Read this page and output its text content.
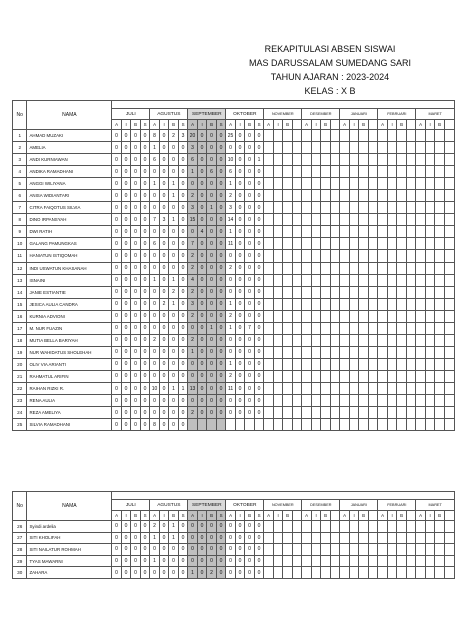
REKAPITULASI ABSEN SISWAI
MAS DARUSSALAM SUMEDANG SARI
TAHUN AJARAN : 2023-2024
KELAS : X B
No	NAMA																																				
		JULI				AGUSTUS				SEPTEMBER				OKTOBER				NOVEMBER				DESEMBER				JANUARI				FEBRUARI				MARET			
		A	I	B	S	A	I	B	S	A	I	B	S	A	I	B	S	A	I	B		A	I	B		A	I	B		A	I	B		A	I	B	
1	AHMAD MUZAKI	0	0	0	0	8	0	2	3	20	0	0	0	25	0	0	0																				
2	AMELIA	0	0	0	0	1	0	0	0	3	0	0	0	0	0	0	0																				
3	ANDI KURNIAWAN	0	0	0	0	6	0	0	0	6	0	0	0	10	0	0	1																				
4	ANDIKA RAMADHANI	0	0	0	0	0	0	0	0	1	0	6	0	6	0	0	0																				
5	ANGGI WILIYANA	0	0	0	0	1	0	1	0	0	0	0	0	1	0	0	0																				
6	ANISA WIDIANTARI	0	0	0	0	0	0	1	0	2	0	0	0	2	0	0	0																				
7	CITRA FAIQOTUS SILVIA	0	0	0	0	0	0	0	0	3	0	1	0	3	0	0	0																				
8	DINO IRPANSYAH	0	0	0	0	7	3	1	0	15	0	0	0	14	0	0	0																				
9	DWI RATIH	0	0	0	0	0	0	0	0	0	4	0	0	1	0	0	0																				
10	GALANG PAMUNGKAS	0	0	0	0	6	0	0	0	7	0	0	0	11	0	0	0																				
11	HANIATUN ISTIQOMAH	0	0	0	0	0	0	0	0	2	0	0	0	0	0	0	0																				
12	INDI USWATUN KHASANAH	0	0	0	0	0	0	0	0	2	0	0	0	2	0	0	0																				
13	ISNAINI	0	0	0	0	1	0	1	0	4	0	0	0	0	0	0	0																				
14	JANIE ESTIANTIE	0	0	0	0	0	0	2	0	2	0	0	0	0	0	0	0																				
15	JESICA AULIA CANDRA	0	0	0	0	0	2	1	0	3	0	0	0	1	0	0	0																				
16	KURNIA ADVIONI	0	0	0	0	0	0	0	0	2	0	0	0	2	0	0	0																				
17	M. NUR FUAZIN	0	0	0	0	0	0	0	0	0	0	1	0	1	0	7	0																				
18	MUTIA BELLA BARIYAH	0	0	0	0	2	0	0	0	2	0	0	0	0	0	0	0																				
19	NUR WAHIDATUS SHOLEHAH	0	0	0	0	0	0	0	0	1	0	0	0	0	0	0	0																				
20	OLIV VIA ARIANTI	0	0	0	0	0	0	0	0	0	0	0	0	1	0	0	0																				
21	RAHMATUL ARIFIN	0	0	0	0	0	0	0	0	0	0	0	0	2	0	0	0																				
22	RAIHAN RIZKI R.	0	0	0	0	10	0	1	1	13	0	0	0	11	0	0	0																				
23	RENA AULIA	0	0	0	0	0	0	0	0	0	0	0	0	0	0	0	0																				
24	REZA AMELIYA	0	0	0	0	0	0	0	0	2	0	0	0	0	0	0	0																				
25	SILVIA RAMADHANI	0	0	0	0	8	0	0	0																												
No	NAMA																																				
		JULI				AGUSTUS				SEPTEMBER				OKTOBER				NOVEMBER				DESEMBER				JANUARI				FEBRUARI				MARET			
		A	I	B	S	A	I	B	S	A	I	B	S	A	I	B	S	A	I	B		A	I	B		A	I	B		A	I	B		A	I	B	
26	Syindi ardelia	0	0	0	0	2	0	1	0	0	0	0	0	0	0	0	0																				
27	SITI KHOLIFAH	0	0	0	0	1	0	1	0	0	0	0	0	0	0	0	0																				
28	SITI NAILATUR ROHMAH	0	0	0	0	0	0	0	0	0	0	0	0	0	0	0	0																				
29	TYAS MAWARNI	0	0	0	0	1	0	0	0	0	0	0	0	0	0	0	0																				
30	ZAHARA	0	0	0	0	0	0	0	0	1	0	2	0	0	0	0	0																				
